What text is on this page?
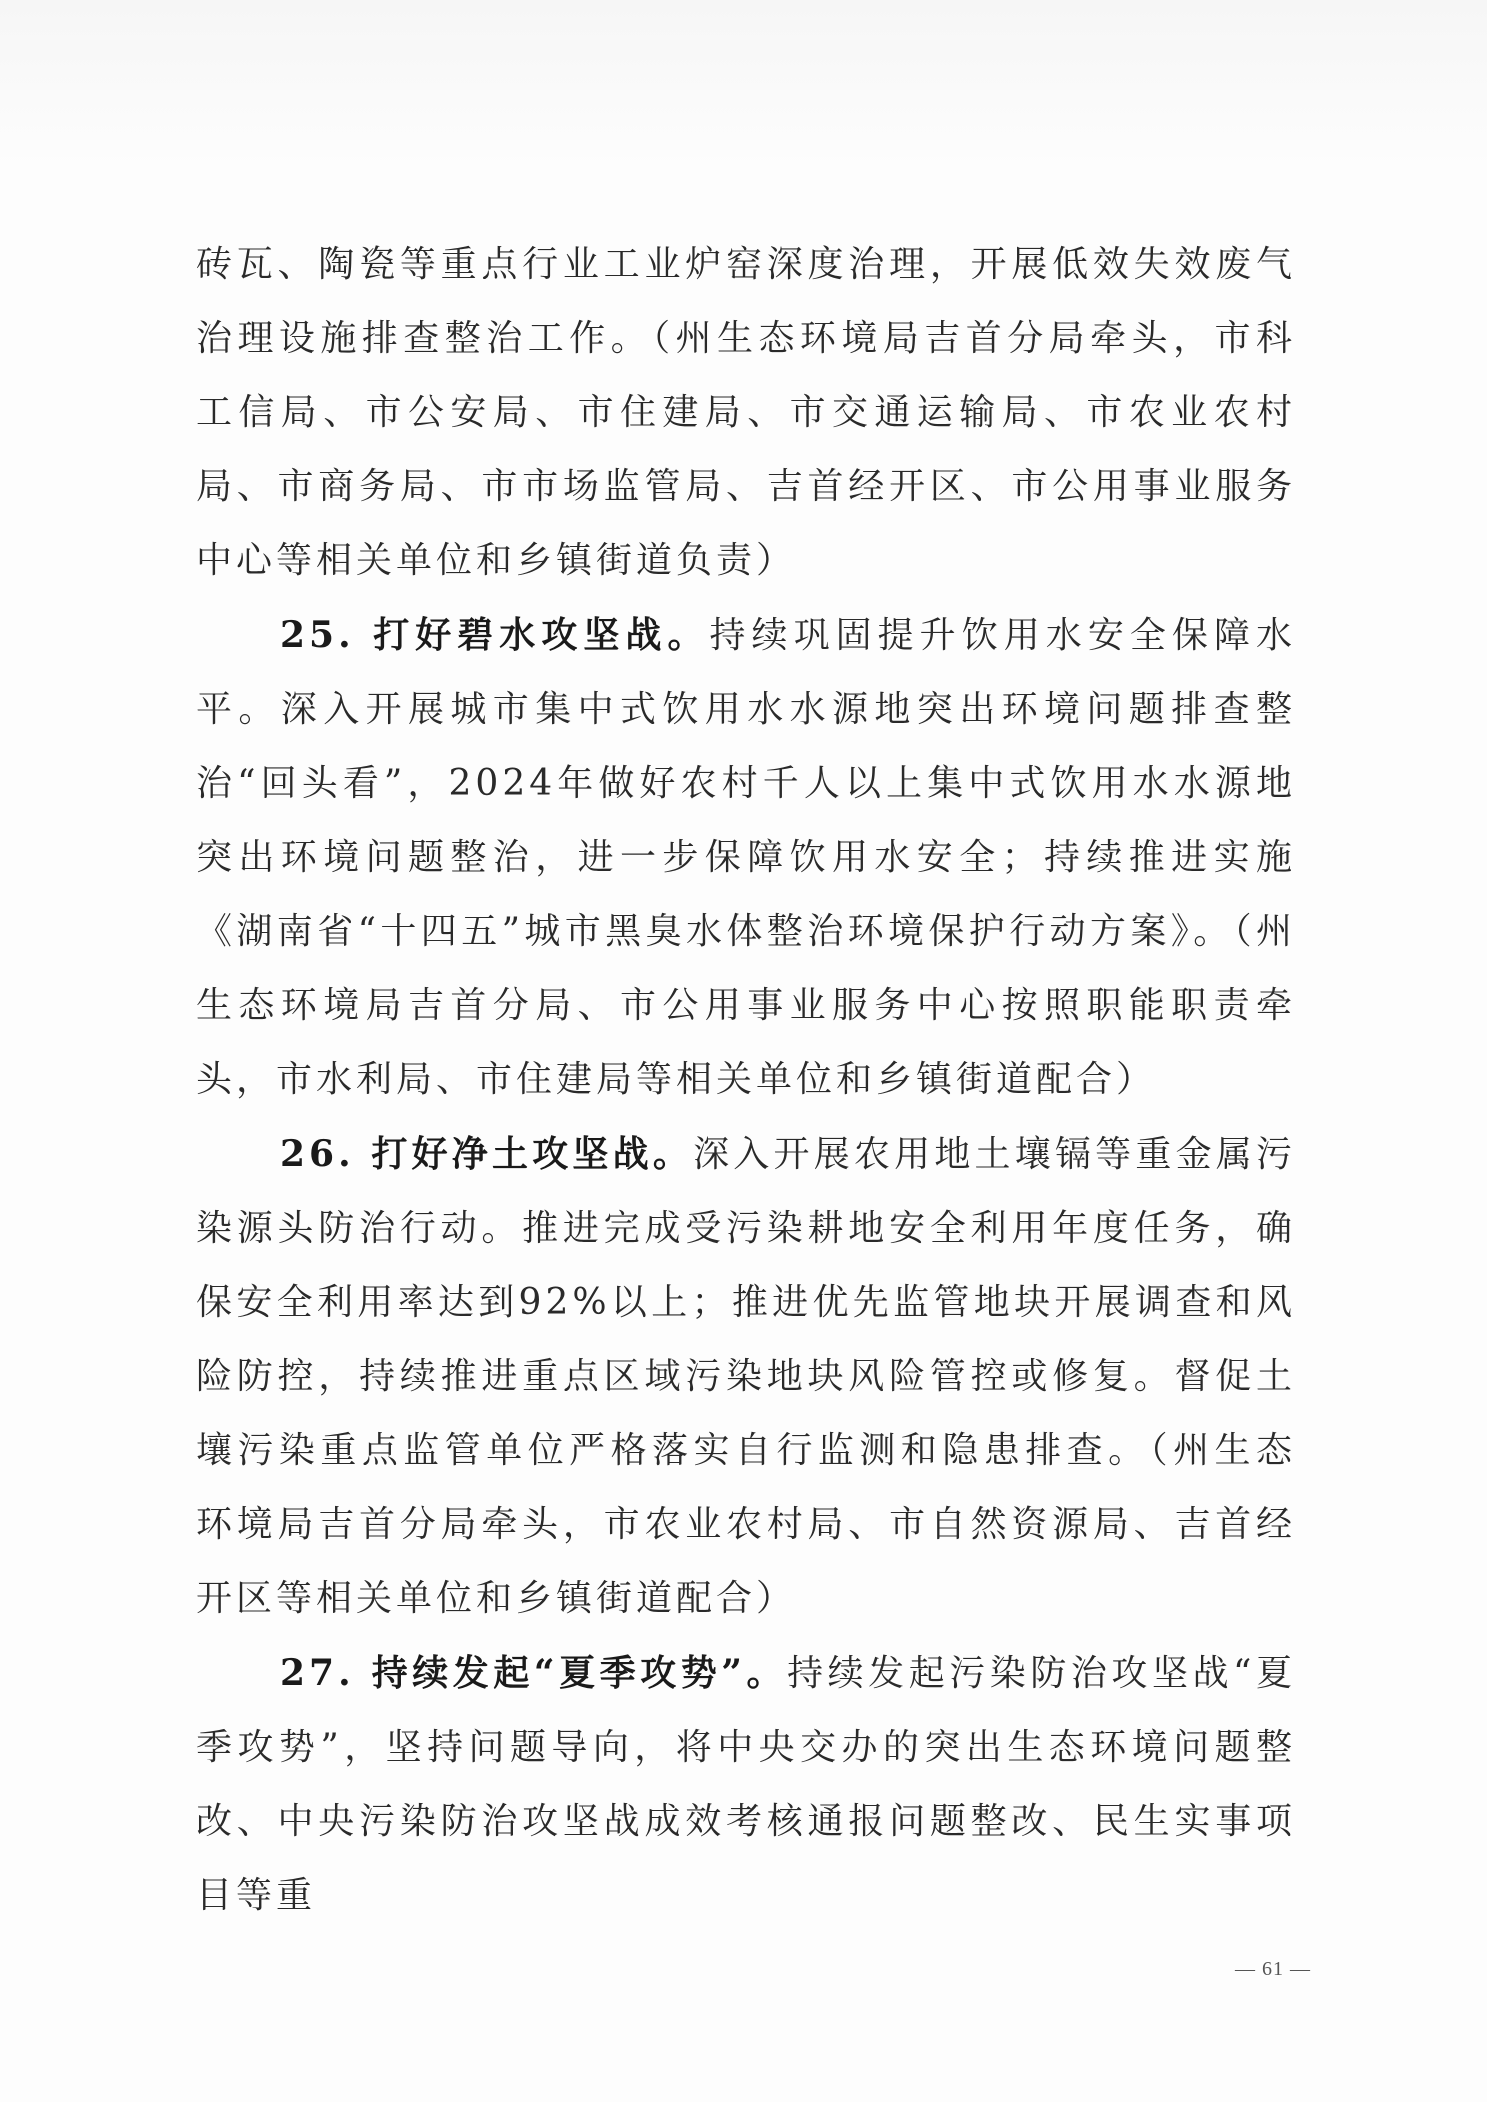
砖瓦、陶瓷等重点行业工业炉窑深度治理，开展低效失效废气治理设施排查整治工作。（州生态环境局吉首分局牵头，市科工信局、市公安局、市住建局、市交通运输局、市农业农村局、市商务局、市市场监管局、吉首经开区、市公用事业服务中心等相关单位和乡镇街道负责）

25. 打好碧水攻坚战。持续巩固提升饮用水安全保障水平。深入开展城市集中式饮用水水源地突出环境问题排查整治“回头看”，2024年做好农村千人以上集中式饮用水水源地突出环境问题整治，进一步保障饮用水安全；持续推进实施《湖南省“十四五”城市黑臭水体整治环境保护行动方案》。（州生态环境局吉首分局、市公用事业服务中心按照职能职责牵头，市水利局、市住建局等相关单位和乡镇街道配合）

26. 打好净土攻坚战。深入开展农用地土壤镉等重金属污染源头防治行动。推进完成受污染耕地安全利用年度任务，确保安全利用率达到92%以上；推进优先监管地块开展调查和风险防控，持续推进重点区域污染地块风险管控或修复。督促土壤污染重点监管单位严格落实自行监测和隐患排查。（州生态环境局吉首分局牵头，市农业农村局、市自然资源局、吉首经开区等相关单位和乡镇街道配合）

27. 持续发起“夏季攻势”。持续发起污染防治攻坚战“夏季攻势”，坚持问题导向，将中央交办的突出生态环境问题整改、中央污染防治攻坚战成效考核通报问题整改、民生实事项目等重

— 61 —
